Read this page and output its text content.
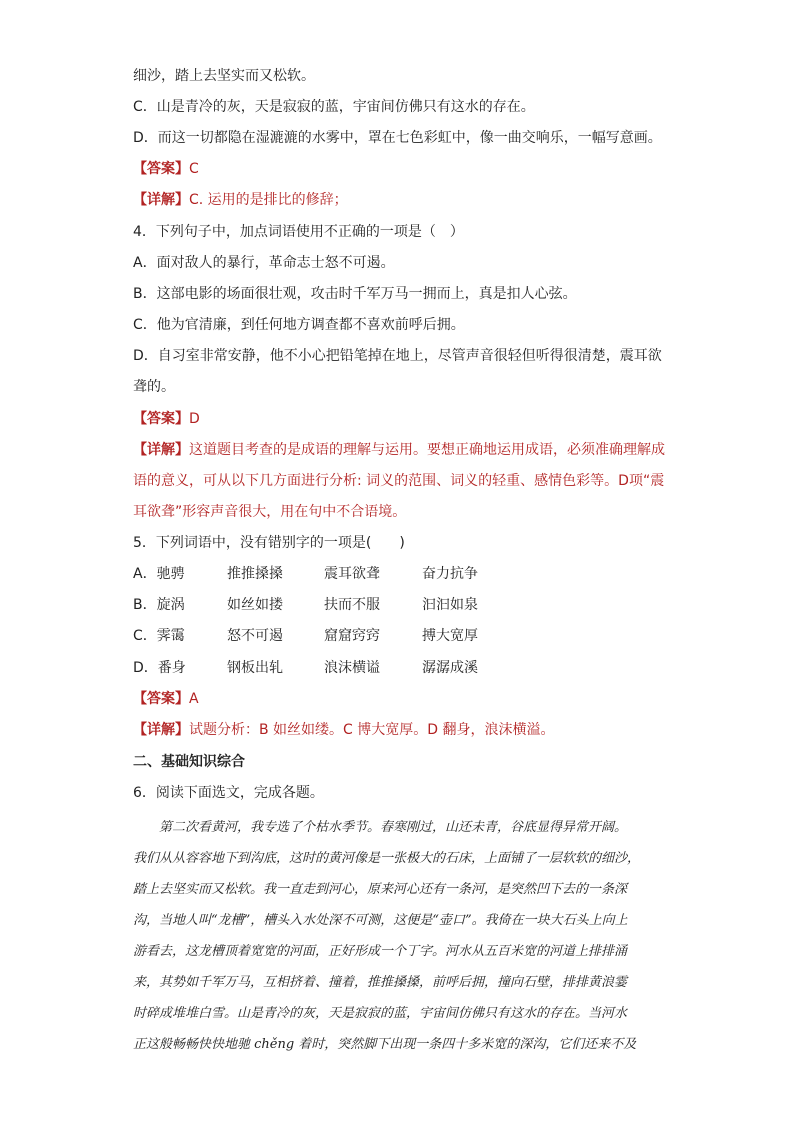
细沙，踏上去坚实而又松软。
C．山是青冷的灰，天是寂寂的蓝，宇宙间仿佛只有这水的存在。
D．而这一切都隐在湿漉漉的水雾中，罩在七色彩虹中，像一曲交响乐，一幅写意画。
【答案】C
【详解】C. 运用的是排比的修辞；
4．下列句子中，加点词语使用不正确的一项是（　）
A．面对敌人的暴行，革命志士怒不可遏。
B．这部电影的场面很壮观，攻击时千军万马一拥而上，真是扣人心弦。
C．他为官清廉，到任何地方调查都不喜欢前呼后拥。
D．自习室非常安静，他不小心把铅笔掉在地上，尽管声音很轻但听得很清楚，震耳欲
聋的。
【答案】D
【详解】这道题目考查的是成语的理解与运用。要想正确地运用成语，必须准确理解成
语的意义，可从以下几方面进行分析: 词义的范围、词义的轻重、感情色彩等。D项“震
耳欲聋”形容声音很大，用在句中不合语境。
5．下列词语中，没有错别字的一项是(　　)
A．驰骋	推推搡搡	震耳欲聋	奋力抗争
B．旋涡	如丝如搂	扶而不服	汩汩如泉
C．霁霭	怒不可遏	窟窟窍窍	搏大宽厚
D．番身	钢板出轧	浪沫横谥	潺潺成溪
【答案】A
【详解】试题分析：B 如丝如缕。C 博大宽厚。D 翻身，浪沫横溢。
二、基础知识综合
6．阅读下面选文，完成各题。

　　第二次看黄河，我专选了个枯水季节。春寒刚过，山还未青，谷底显得异常开阔。

我们从从容容地下到沟底，这时的黄河像是一张极大的石床，上面铺了一层软软的细沙，

踏上去坚实而又松软。我一直走到河心，原来河心还有一条河，是突然凹下去的一条深

沟，当地人叫“龙槽”，槽头入水处深不可测，这便是“壶口”。我倚在一块大石头上向上

游看去，这龙槽顶着宽宽的河面，正好形成一个丁字。河水从五百米宽的河道上排排涌

来，其势如千军万马，互相挤着、撞着，推推搡搡，前呼后拥，撞向石壁，排排黄浪霎

时碎成堆堆白雪。山是青冷的灰，天是寂寂的蓝，宇宙间仿佛只有这水的存在。当河水

正这般畅畅快快地驰 chěng 着时，突然脚下出现一条四十多米宽的深沟，它们还来不及
